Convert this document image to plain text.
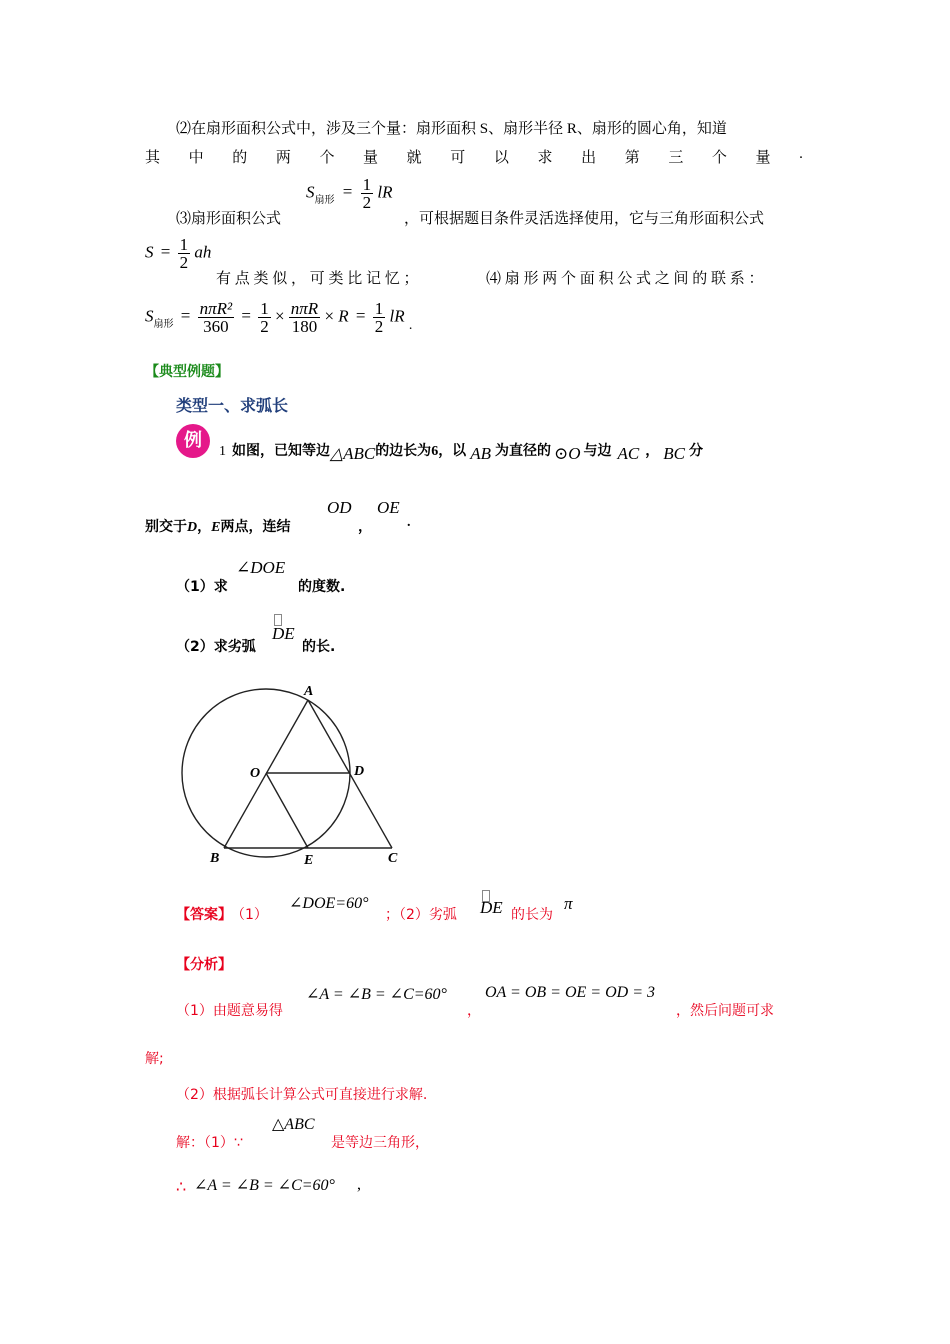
⑵在扇形面积公式中，涉及三个量：扇形面积 S、扇形半径 R、扇形的圆心角，知道
其 中 的 两 个 量 就 可 以 求 出 第 三 个 量 .
$S_{扇形} = \frac{1}{2}$ lR
⑶扇形面积公式	，可根据题目条件灵活选择使用，它与三角形面积公式
$S = \frac{1}{2}$ ah
有 点 类 似 ， 可 类 比 记 忆 ；	⑷ 扇 形 两 个 面 积 公 式 之 间 的 联 系 ：
$S_{扇形} = \frac{\text{nπR²}}{360} = \frac{1}{2} \times \frac{\text{nπR}}{180} \times R = \frac{1}{2}$ lR $_.$
【典型例题】
类型一、求弧长
例
1 如图，已知等边△ABC的边长为6，以 AB 为直径的 ⊙O 与边 AC ， BC 分
别交于D，E两点，连结
OD
，
OE
.
（1）求
∠DOE
的度数.
（2）求劣弧
DE
的长.
A
O	D
B	E	C
【答案】 （1）
∠DOE=60°
；（2）劣弧 DE 的长为
π
【分析】
（1）由题意易得
∠A = ∠B = ∠C=60°
，
OA = OB = OE = OD = 3
，然后问题可求
解;
（2）根据弧长计算公式可直接进行求解.
解：（1）∵
△ABC
是等边三角形，
∴ ∠A = ∠B = ∠C=60° ,
